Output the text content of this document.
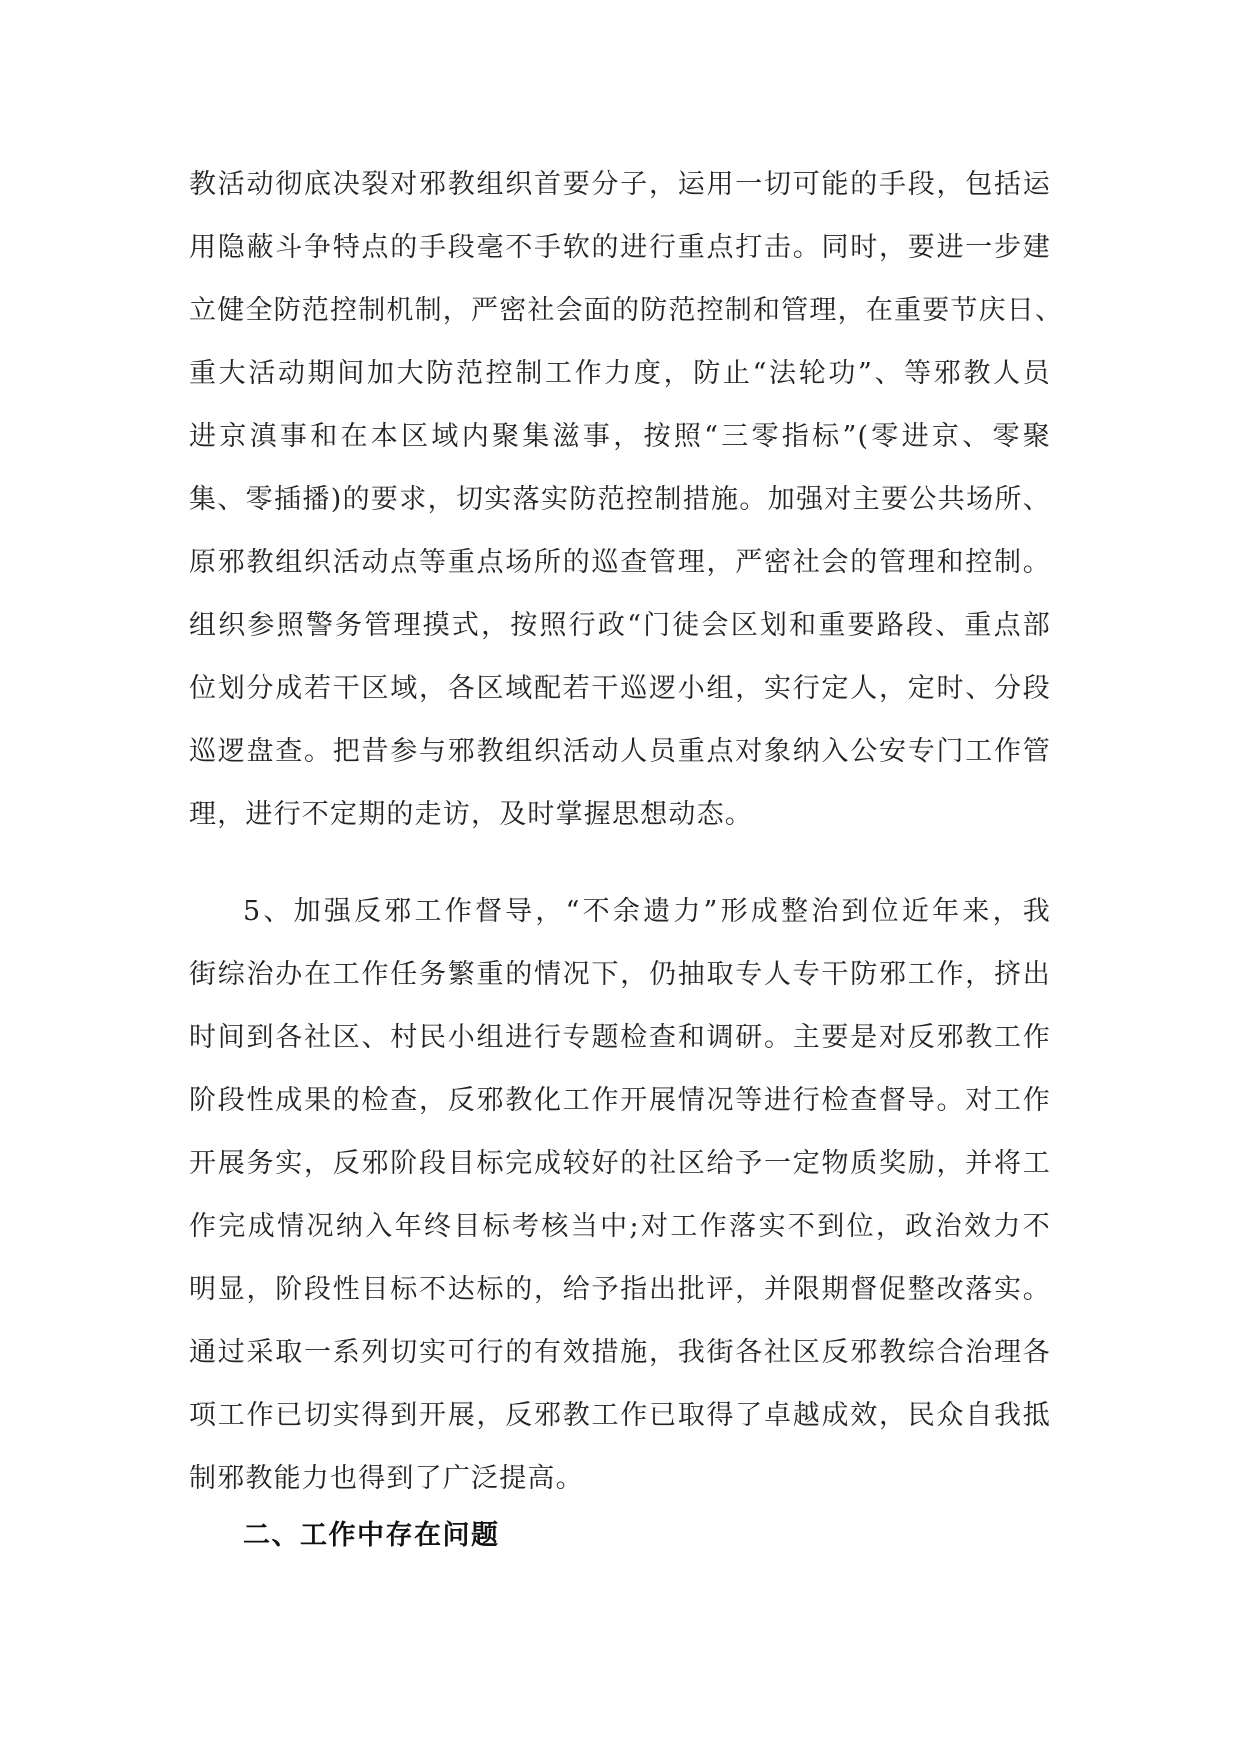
教活动彻底决裂对邪教组织首要分子，运用一切可能的手段，包括运
用隐蔽斗争特点的手段毫不手软的进行重点打击。同时，要进一步建
立健全防范控制机制，严密社会面的防范控制和管理，在重要节庆日、
重大活动期间加大防范控制工作力度，防止“法轮功”、等邪教人员
进京滇事和在本区域内聚集滋事，按照“三零指标”(零进京、零聚
集、零插播)的要求，切实落实防范控制措施。加强对主要公共场所、
原邪教组织活动点等重点场所的巡查管理，严密社会的管理和控制。
组织参照警务管理摸式，按照行政“门徒会区划和重要路段、重点部
位划分成若干区域，各区域配若干巡逻小组，实行定人，定时、分段
巡逻盘查。把昔参与邪教组织活动人员重点对象纳入公安专门工作管
理，进行不定期的走访，及时掌握思想动态。
5、加强反邪工作督导，“不余遗力”形成整治到位近年来，我
街综治办在工作任务繁重的情况下，仍抽取专人专干防邪工作，挤出
时间到各社区、村民小组进行专题检查和调研。主要是对反邪教工作
阶段性成果的检查，反邪教化工作开展情况等进行检查督导。对工作
开展务实，反邪阶段目标完成较好的社区给予一定物质奖励，并将工
作完成情况纳入年终目标考核当中;对工作落实不到位，政治效力不
明显，阶段性目标不达标的，给予指出批评，并限期督促整改落实。
通过采取一系列切实可行的有效措施，我街各社区反邪教综合治理各
项工作已切实得到开展，反邪教工作已取得了卓越成效，民众自我抵
制邪教能力也得到了广泛提高。
二、工作中存在问题
